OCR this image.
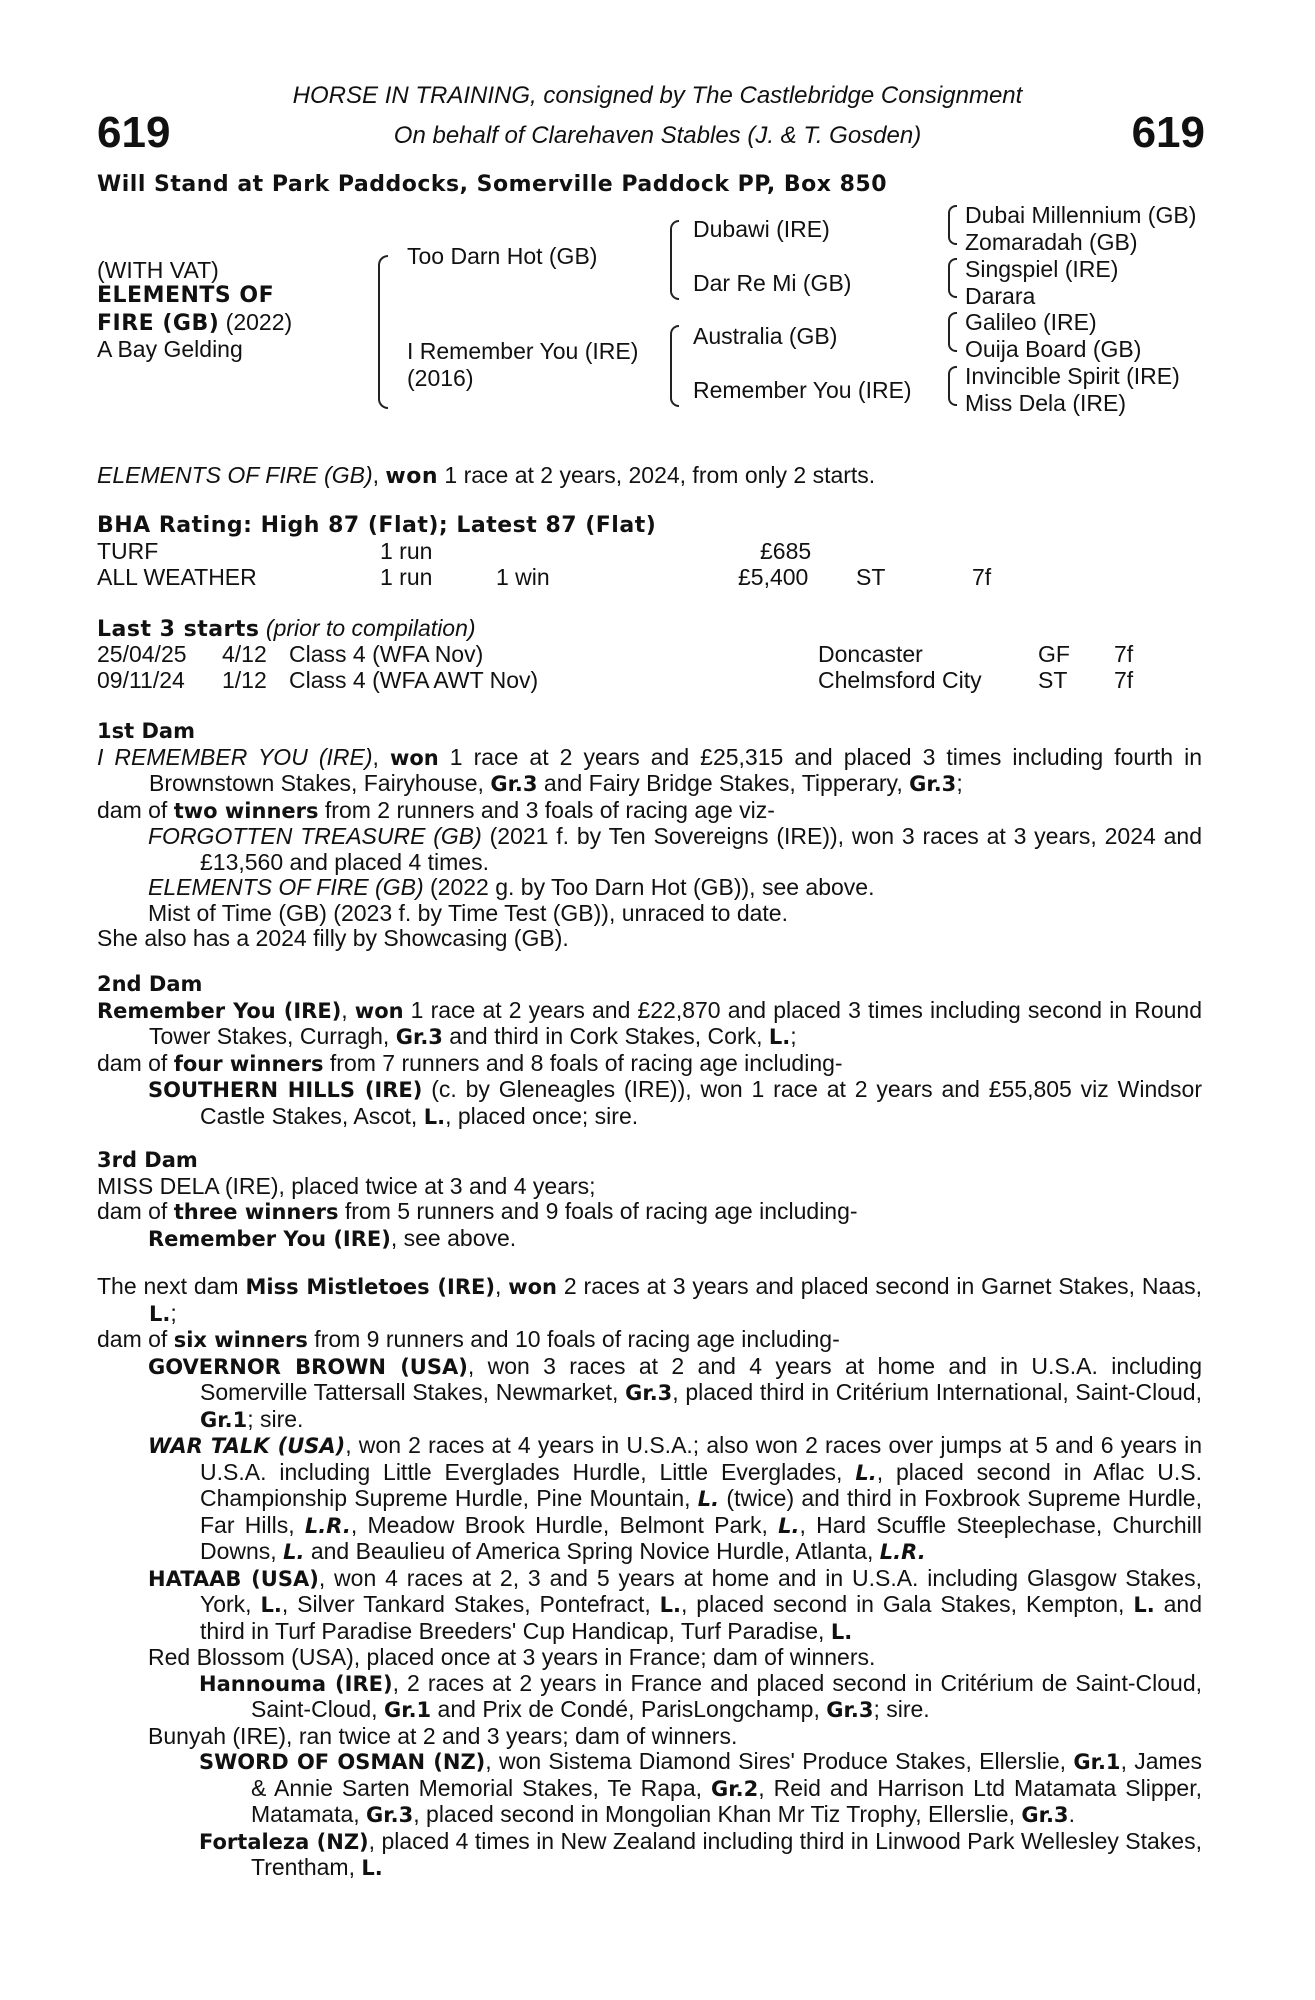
HORSE IN TRAINING, consigned by The Castlebridge Consignment
619	On behalf of Clarehaven Stables (J. & T. Gosden)	619
Will Stand at Park Paddocks, Somerville Paddock PP, Box 850
(WITH VAT)
ELEMENTS OF
FIRE (GB) (2022)
A Bay Gelding
Too Darn Hot (GB)
I Remember You (IRE)
(2016)
Dubawi (IRE)
Dar Re Mi (GB)
Australia (GB)
Remember You (IRE)
Dubai Millennium (GB)
Zomaradah (GB)
Singspiel (IRE)
Darara
Galileo (IRE)
Ouija Board (GB)
Invincible Spirit (IRE)
Miss Dela (IRE)
ELEMENTS OF FIRE (GB), won 1 race at 2 years, 2024, from only 2 starts.
BHA Rating: High 87 (Flat); Latest 87 (Flat)
TURF	1 run	£685
ALL WEATHER	1 run	1 win	£5,400 ST	7f
Last 3 starts (prior to compilation)
25/04/25 4/12 Class 4 (WFA Nov)	Doncaster	GF 7f
09/11/24 1/12 Class 4 (WFA AWT Nov)	Chelmsford City ST 7f

1st Dam

I REMEMBER YOU (IRE), won 1 race at 2 years and £25,315 and placed 3 times including fourth in Brownstown Stakes, Fairyhouse, Gr.3 and Fairy Bridge Stakes, Tipperary, Gr.3;

dam of two winners from 2 runners and 3 foals of racing age viz-

FORGOTTEN TREASURE (GB) (2021 f. by Ten Sovereigns (IRE)), won 3 races at 3 years, 2024 and £13,560 and placed 4 times.

ELEMENTS OF FIRE (GB) (2022 g. by Too Darn Hot (GB)), see above.

Mist of Time (GB) (2023 f. by Time Test (GB)), unraced to date.

She also has a 2024 filly by Showcasing (GB).

2nd Dam

Remember You (IRE), won 1 race at 2 years and £22,870 and placed 3 times including second in Round Tower Stakes, Curragh, Gr.3 and third in Cork Stakes, Cork, L.;

dam of four winners from 7 runners and 8 foals of racing age including-

SOUTHERN HILLS (IRE) (c. by Gleneagles (IRE)), won 1 race at 2 years and £55,805 viz Windsor Castle Stakes, Ascot, L., placed once; sire.

3rd Dam

MISS DELA (IRE), placed twice at 3 and 4 years;

dam of three winners from 5 runners and 9 foals of racing age including-

Remember You (IRE), see above.

The next dam Miss Mistletoes (IRE), won 2 races at 3 years and placed second in Garnet Stakes, Naas, L.;

dam of six winners from 9 runners and 10 foals of racing age including-

GOVERNOR BROWN (USA), won 3 races at 2 and 4 years at home and in U.S.A. including Somerville Tattersall Stakes, Newmarket, Gr.3, placed third in Critérium International, Saint-Cloud, Gr.1; sire.

WAR TALK (USA), won 2 races at 4 years in U.S.A.; also won 2 races over jumps at 5 and 6 years in U.S.A. including Little Everglades Hurdle, Little Everglades, L., placed second in Aflac U.S. Championship Supreme Hurdle, Pine Mountain, L. (twice) and third in Foxbrook Supreme Hurdle, Far Hills, L.R., Meadow Brook Hurdle, Belmont Park, L., Hard Scuffle Steeplechase, Churchill Downs, L. and Beaulieu of America Spring Novice Hurdle, Atlanta, L.R.

HATAAB (USA), won 4 races at 2, 3 and 5 years at home and in U.S.A. including Glasgow Stakes, York, L., Silver Tankard Stakes, Pontefract, L., placed second in Gala Stakes, Kempton, L. and third in Turf Paradise Breeders' Cup Handicap, Turf Paradise, L.

Red Blossom (USA), placed once at 3 years in France; dam of winners.

Hannouma (IRE), 2 races at 2 years in France and placed second in Critérium de Saint-Cloud, Saint-Cloud, Gr.1 and Prix de Condé, ParisLongchamp, Gr.3; sire.

Bunyah (IRE), ran twice at 2 and 3 years; dam of winners.

SWORD OF OSMAN (NZ), won Sistema Diamond Sires' Produce Stakes, Ellerslie, Gr.1, James & Annie Sarten Memorial Stakes, Te Rapa, Gr.2, Reid and Harrison Ltd Matamata Slipper, Matamata, Gr.3, placed second in Mongolian Khan Mr Tiz Trophy, Ellerslie, Gr.3.

Fortaleza (NZ), placed 4 times in New Zealand including third in Linwood Park Wellesley Stakes, Trentham, L.
